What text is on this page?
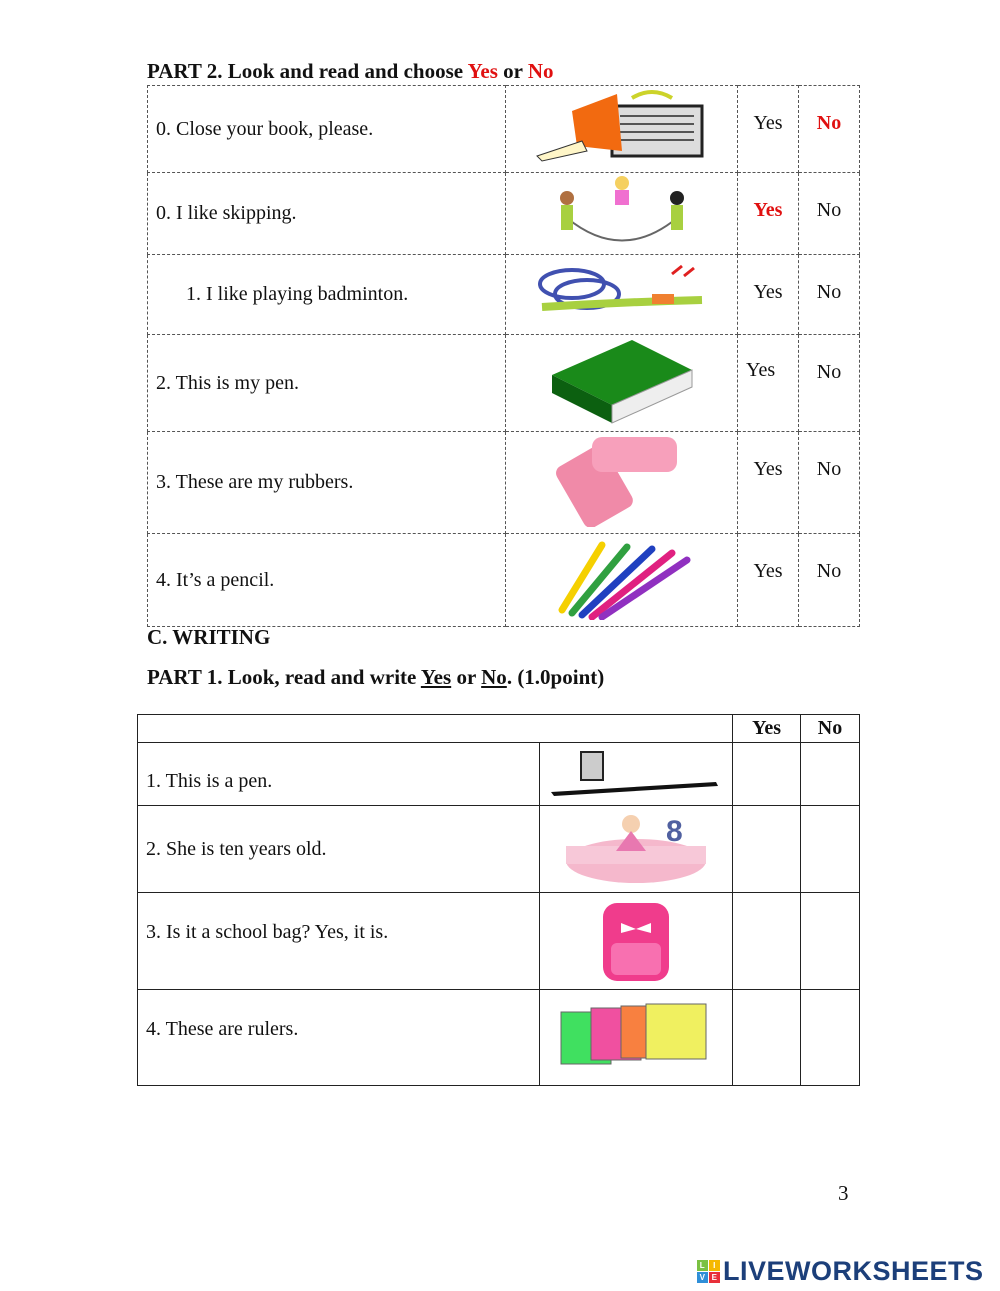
PART 2. Look and read and choose Yes or No
0. Close your book, please.		Yes	No
0. I like skipping.		Yes	No
1. I like playing badminton.		Yes	No
2. This is my pen.		Yes	No
3. These are my rubbers.		Yes	No
4. It’s a pencil.		Yes	No
C. WRITING
PART 1. Look, read and write Yes or No. (1.0point)
		Yes	No
1. This is a pen.			
2. She is ten years old.	8		

3. Is it a school bag? Yes, it is.			
4. These are rulers.			
3
L I
V E LIVEWORKSHEETS
